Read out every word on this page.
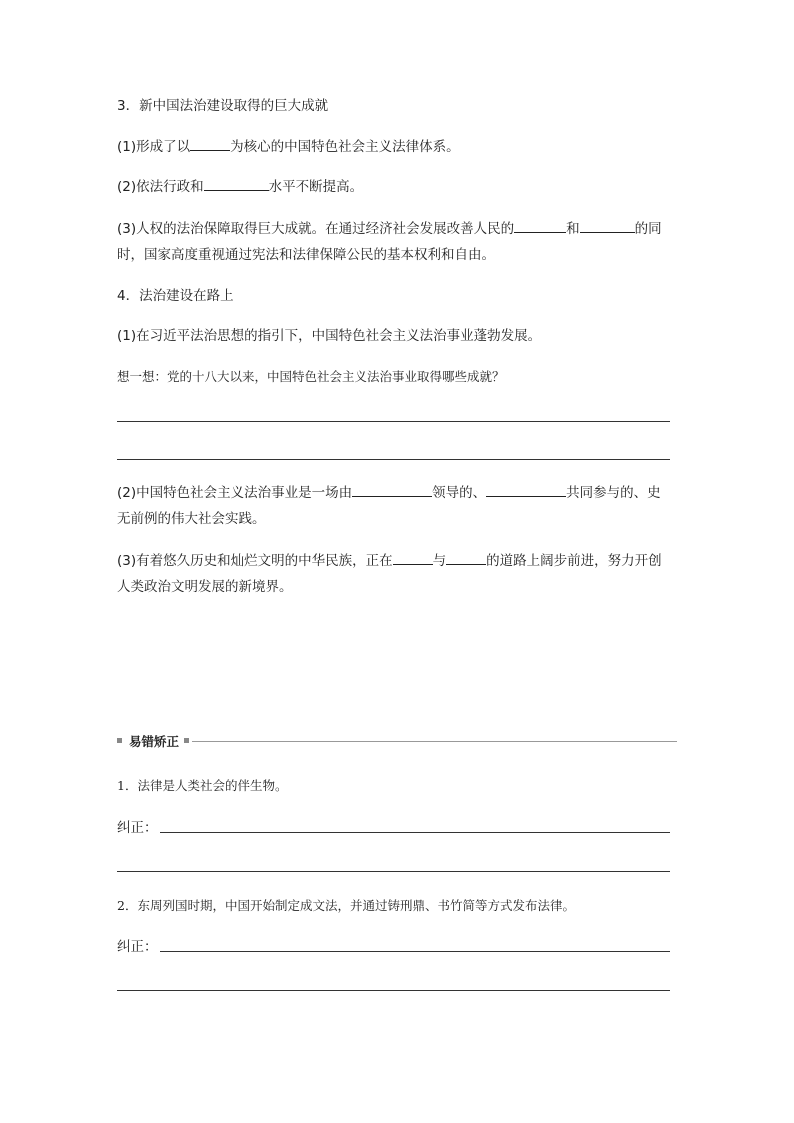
3．新中国法治建设取得的巨大成就
(1)形成了以	为核心的中国特色社会主义法律体系。
(2)依法行政和	水平不断提高。
(3)人权的法治保障取得巨大成就。在通过经济社会发展改善人民的	和	的同
时，国家高度重视通过宪法和法律保障公民的基本权利和自由。
4．法治建设在路上
(1)在习近平法治思想的指引下，中国特色社会主义法治事业蓬勃发展。
想一想：党的十八大以来，中国特色社会主义法治事业取得哪些成就？
(2)中国特色社会主义法治事业是一场由	领导的、	共同参与的、史
无前例的伟大社会实践。
(3)有着悠久历史和灿烂文明的中华民族，正在	与	的道路上阔步前进，努力开创
人类政治文明发展的新境界。
易错矫正
1．法律是人类社会的伴生物。
纠正：
2．东周列国时期，中国开始制定成文法，并通过铸刑鼎、书竹简等方式发布法律。
纠正：
